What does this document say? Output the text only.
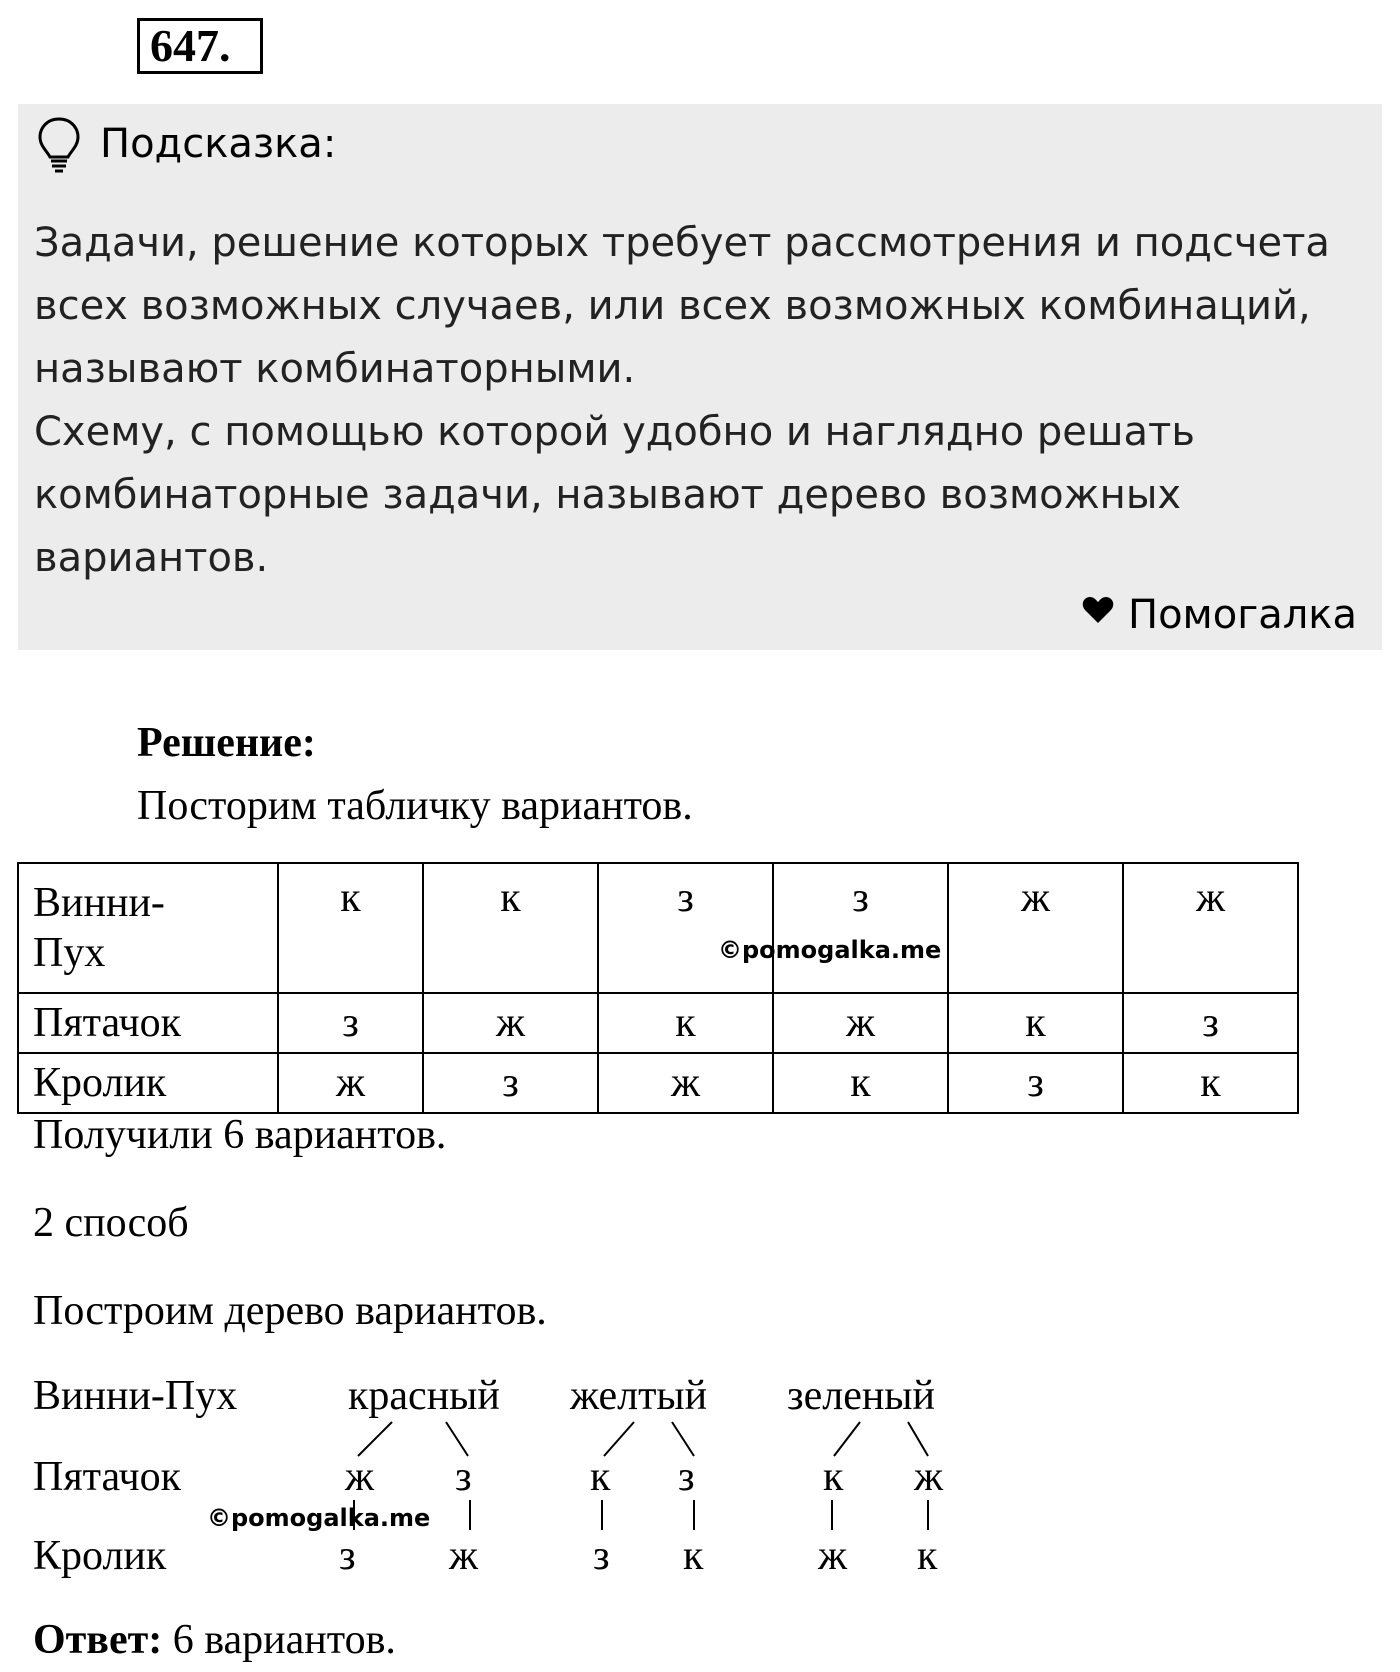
647.
Подсказка:
Задачи, решение которых требует рассмотрения и подсчета
всех возможных случаев, или всех возможных комбинаций,
называют комбинаторными.
Схему, с помощью которой удобно и наглядно решать
комбинаторные задачи, называют дерево возможных
вариантов.
Помогалка
Решение:
Посторим табличку вариантов.
Винни-
Пух	к	к	з	з	ж	ж
Пятачок	з	ж	к	ж	к	з
Кролик	ж	з	ж	к	з	к
©pomogalka.me
Получили 6 вариантов.
2 способ
Построим дерево вариантов.
Винни-Пух
Пятачок
Кролик
красный желтый зеленый
ж з	к з	к ж
з ж	з к	ж к
©pomogalka.me
Ответ: 6 вариантов.
